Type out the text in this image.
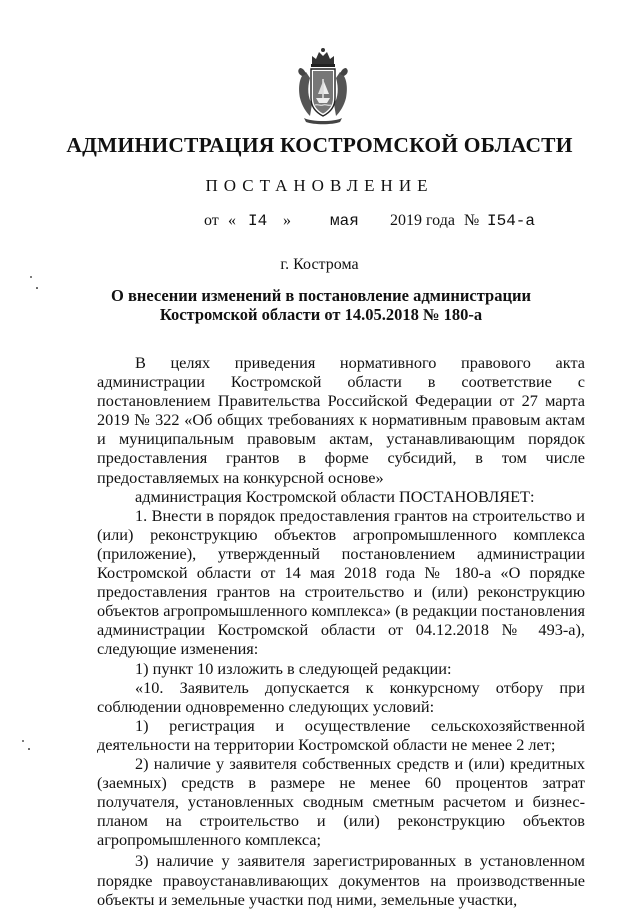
АДМИНИСТРАЦИЯ КОСТРОМСКОЙ ОБЛАСТИ
ПОСТАНОВЛЕНИЕ
от « I4 » мая 2019 года № I54-а
г. Кострома
О внесении изменений в постановление администрации
Костромской области от 14.05.2018 № 180-а

В целях приведения нормативного правового акта администрации Костромской области в соответствие с постановлением Правительства Российской Федерации от 27 марта 2019 № 322 «Об общих требованиях к нормативным правовым актам и муниципальным правовым актам, устанавливающим порядок предоставления грантов в форме субсидий, в том числе предоставляемых на конкурсной основе»

администрация Костромской области ПОСТАНОВЛЯЕТ:

1. Внести в порядок предоставления грантов на строительство и (или) реконструкцию объектов агропромышленного комплекса (приложение), утвержденный постановлением администрации Костромской области от 14 мая 2018 года № 180-а «О порядке предоставления грантов на строительство и (или) реконструкцию объектов агропромышленного комплекса» (в редакции постановления администрации Костромской области от 04.12.2018 № 493-а), следующие изменения:

1) пункт 10 изложить в следующей редакции:

«10. Заявитель допускается к конкурсному отбору при соблюдении одновременно следующих условий:

1) регистрация и осуществление сельскохозяйственной деятельности на территории Костромской области не менее 2 лет;

2) наличие у заявителя собственных средств и (или) кредитных (заемных) средств в размере не менее 60 процентов затрат получателя, установленных сводным сметным расчетом и бизнес-планом на строительство и (или) реконструкцию объектов агропромышленного комплекса;

3) наличие у заявителя зарегистрированных в установленном порядке правоустанавливающих документов на производственные объекты и земельные участки под ними, земельные участки,
